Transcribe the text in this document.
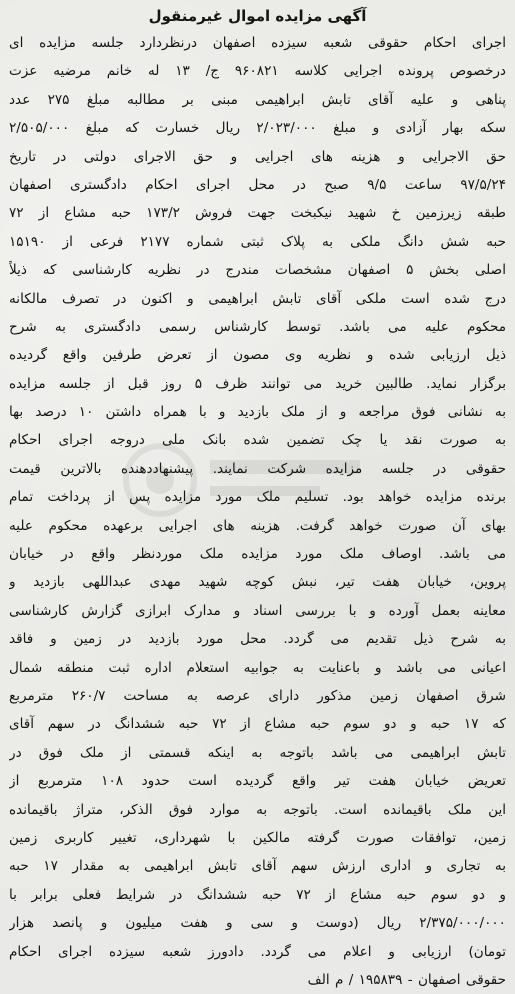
آگهی مزایده اموال غیرمنقول
اجرای احکام حقوقی شعبه سیزده اصفهان درنظردارد جلسه مزایده ای
درخصوص پرونده اجرایی کلاسه ۹۶۰۸۲۱ ج/ ۱۳ له خانم مرضیه عزت
پناهی و علیه آقای تابش ابراهیمی مبنی بر مطالبه مبلغ ۲۷۵ عدد
سکه بهار آزادی و مبلغ ۲/۰۲۳/۰۰۰ ریال خسارت که مبلغ ۲/۵۰۵/۰۰۰
حق الاجرایی و هزینه های اجرایی و حق الاجرای دولتی در تاریخ
۹۷/۵/۲۴ ساعت ۹/۵ صبح در محل اجرای احکام دادگستری اصفهان
طبقه زیرزمین خ شهید نیکبخت جهت فروش ۱۷۳/۲ حبه مشاع از ۷۲
حبه شش دانگ ملکی به پلاک ثبتی شماره ۲۱۷۷ فرعی از ۱۵۱۹۰
اصلی بخش ۵ اصفهان مشخصات مندرج در نظریه کارشناسی که ذیلاً
درج شده است ملکی آقای تابش ابراهیمی و اکنون در تصرف مالکانه
محکوم علیه می باشد. توسط کارشناس رسمی دادگستری به شرح
ذیل ارزیابی شده و نظریه وی مصون از تعرض طرفین واقع گردیده
برگزار نماید. طالبین خرید می توانند ظرف ۵ روز قبل از جلسه مزایده
به نشانی فوق مراجعه و از ملک بازدید و با همراه داشتن ۱۰ درصد بها
به صورت نقد یا چک تضمین شده بانک ملی دروجه اجرای احکام
حقوقی در جلسه مزایده شرکت نمایند. پیشنهاددهنده بالاترین قیمت
برنده مزایده خواهد بود. تسلیم ملک مورد مزایده پس از پرداخت تمام
بهای آن صورت خواهد گرفت. هزینه های اجرایی برعهده محکوم علیه
می باشد. اوصاف ملک مورد مزایده ملک موردنظر واقع در خیابان
پروین، خیابان هفت تیر، نبش کوچه شهید مهدی عبداللهی بازدید و
معاینه بعمل آورده و با بررسی اسناد و مدارک ابرازی گزارش کارشناسی
به شرح ذیل تقدیم می گردد. محل مورد بازدید در زمین و فاقد
اعیانی می باشد و باعنایت به جوابیه استعلام اداره ثبت منطقه شمال
شرق اصفهان زمین مذکور دارای عرصه به مساحت ۲۶۰/۷ مترمربع
که ۱۷ حبه و دو سوم حبه مشاع از ۷۲ حبه ششدانگ در سهم آقای
تابش ابراهیمی می باشد باتوجه به اینکه قسمتی از ملک فوق در
تعریض خیابان هفت تیر واقع گردیده است حدود ۱۰۸ مترمربع از
این ملک باقیمانده است. باتوجه به موارد فوق الذکر، متراژ باقیمانده
زمین، توافقات صورت گرفته مالکین با شهرداری، تغییر کاربری زمین
به تجاری و اداری ارزش سهم آقای تابش ابراهیمی به مقدار ۱۷ حبه
و دو سوم حبه مشاع از ۷۲ حبه ششدانگ در شرایط فعلی برابر با
۲/۳۷۵/۰۰۰/۰۰۰ ریال (دوست و سی و هفت میلیون و پانصد هزار
تومان) ارزیابی و اعلام می گردد. دادورز شعبه سیزده اجرای احکام
حقوقی اصفهان - ۱۹۵۸۳۹ / م الف
